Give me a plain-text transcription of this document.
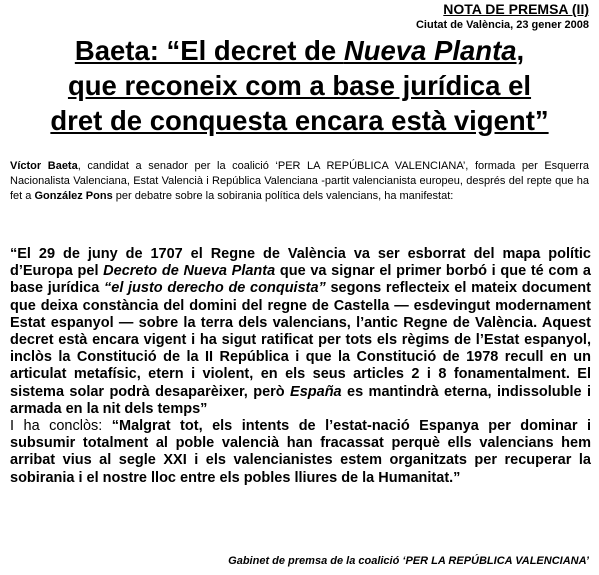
NOTA DE PREMSA (II)
Ciutat de València, 23 gener 2008
Baeta: “El decret de Nueva Planta,
que reconeix com a base jurídica el
dret de conquesta encara està vigent”
Víctor Baeta, candidat a senador per la coalició ‘PER LA REPÚBLICA VALENCIANA’, formada per Esquerra Nacionalista Valenciana, Estat Valencià i República Valenciana -partit valencianista europeu, després del repte que ha fet a González Pons per debatre sobre la sobirania política dels valencians, ha manifestat:
“El 29 de juny de 1707 el Regne de València va ser esborrat del mapa polític d’Europa pel Decreto de Nueva Planta que va signar el primer borbó i que té com a base jurídica “el justo derecho de conquista” segons reflecteix el mateix document que deixa constància del domini del regne de Castella — esdevingut modernament Estat espanyol — sobre la terra dels valencians, l’antic Regne de València. Aquest decret està encara vigent i ha sigut ratificat per tots els règims de l’Estat espanyol, inclòs la Constitució de la II República i que la Constitució de 1978 recull en un articulat metafísic, etern i violent, en els seus articles 2 i 8 fonamentalment. El sistema solar podrà desaparèixer, però España es mantindrà eterna, indissoluble i armada en la nit dels temps”
I ha conclòs: “Malgrat tot, els intents de l’estat-nació Espanya per dominar i subsumir totalment al poble valencià han fracassat perquè ells valencians hem arribat vius al segle XXI i els valencianistes estem organitzats per recuperar la sobirania i el nostre lloc entre els pobles lliures de la Humanitat.”
Gabinet de premsa de la coalició ‘PER LA REPÚBLICA VALENCIANA’
